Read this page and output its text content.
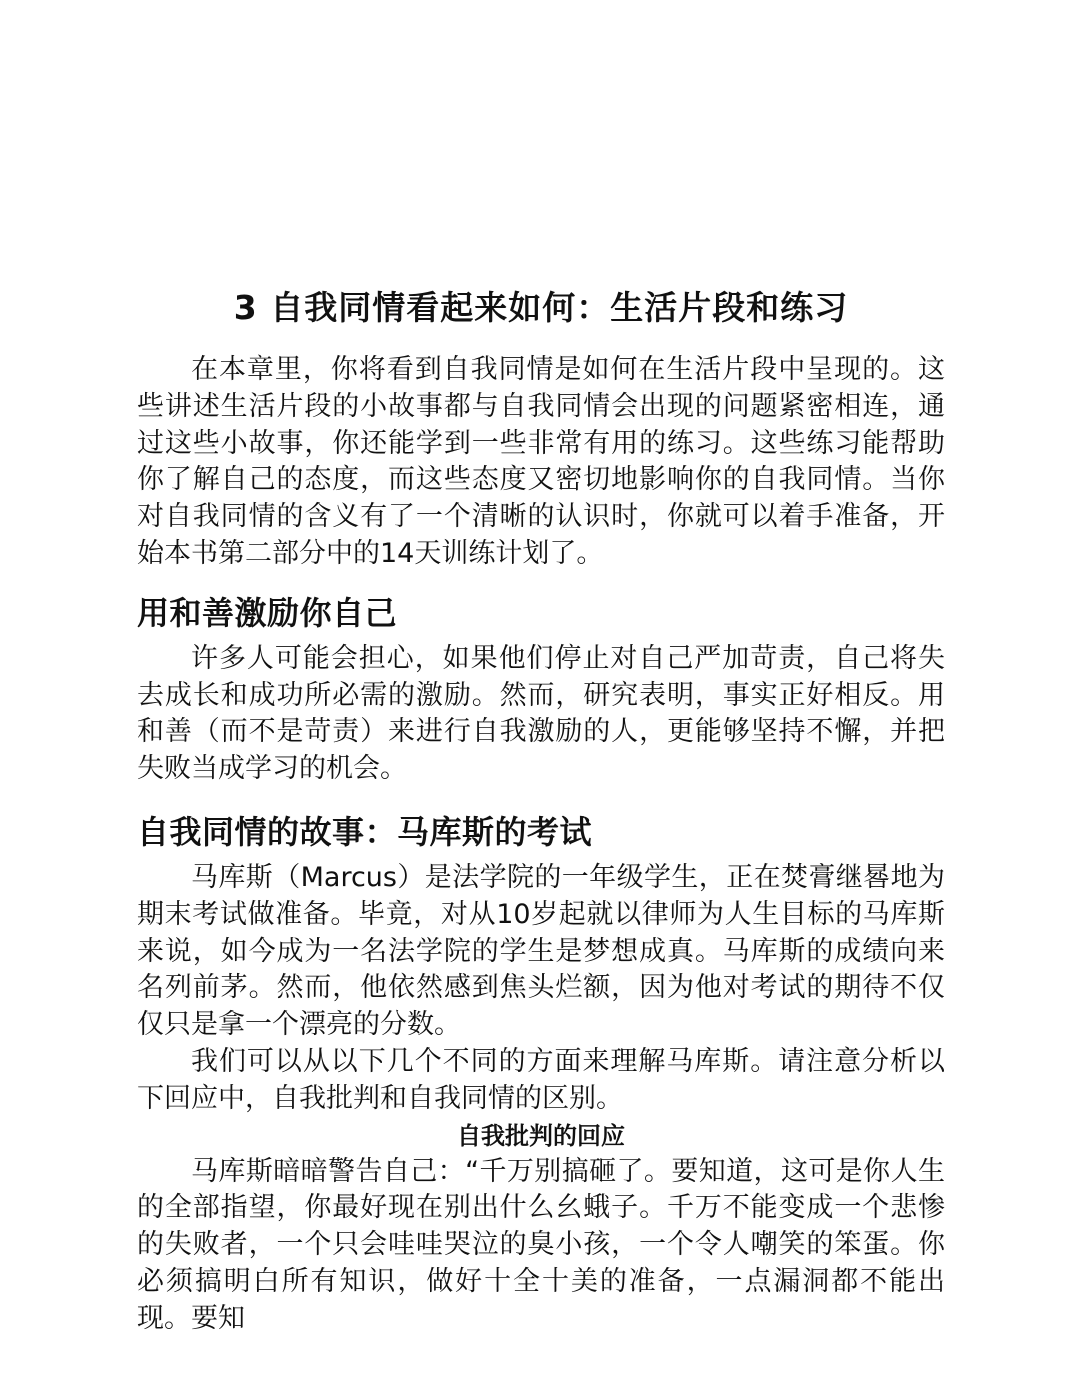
3 自我同情看起来如何：生活片段和练习

在本章里，你将看到自我同情是如何在生活片段中呈现的。这些讲述生活片段的小故事都与自我同情会出现的问题紧密相连，通过这些小故事，你还能学到一些非常有用的练习。这些练习能帮助你了解自己的态度，而这些态度又密切地影响你的自我同情。当你对自我同情的含义有了一个清晰的认识时，你就可以着手准备，开始本书第二部分中的14天训练计划了。

用和善激励你自己

许多人可能会担心，如果他们停止对自己严加苛责，自己将失去成长和成功所必需的激励。然而，研究表明，事实正好相反。用和善（而不是苛责）来进行自我激励的人，更能够坚持不懈，并把失败当成学习的机会。

自我同情的故事：马库斯的考试

马库斯（Marcus）是法学院的一年级学生，正在焚膏继晷地为期末考试做准备。毕竟，对从10岁起就以律师为人生目标的马库斯来说，如今成为一名法学院的学生是梦想成真。马库斯的成绩向来名列前茅。然而，他依然感到焦头烂额，因为他对考试的期待不仅仅只是拿一个漂亮的分数。

我们可以从以下几个不同的方面来理解马库斯。请注意分析以下回应中，自我批判和自我同情的区别。

自我批判的回应

马库斯暗暗警告自己：“千万别搞砸了。要知道，这可是你人生的全部指望，你最好现在别出什么幺蛾子。千万不能变成一个悲惨的失败者，一个只会哇哇哭泣的臭小孩，一个令人嘲笑的笨蛋。你必须搞明白所有知识，做好十全十美的准备，一点漏洞都不能出现。要知
